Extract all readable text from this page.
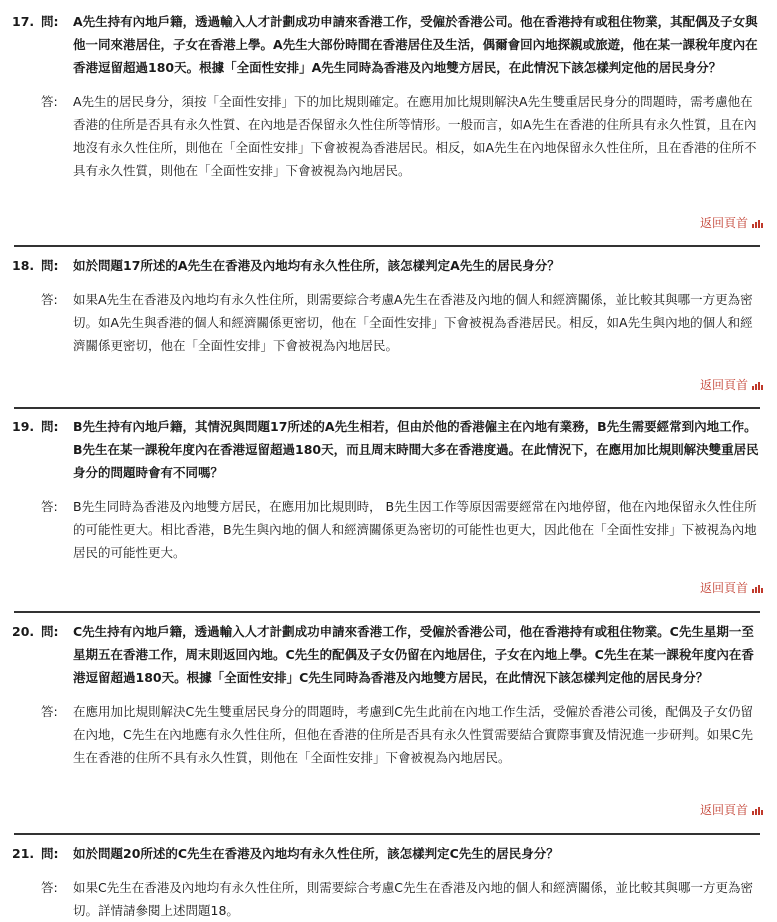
17. 問: A先生持有內地戶籍，透過輸入人才計劃成功申請來香港工作，受僱於香港公司。他在香港持有或租住物業，其配偶及子女與他一同來港居住，子女在香港上學。A先生大部份時間在香港居住及生活，偶爾會回內地探親或旅遊，他在某一課稅年度內在香港逗留超過180天。根據「全面性安排」A先生同時為香港及內地雙方居民，在此情況下該怎樣判定他的居民身分？
答: A先生的居民身分，須按「全面性安排」下的加比規則確定。在應用加比規則解決A先生雙重居民身分的問題時，需考慮他在香港的住所是否具有永久性質、在內地是否保留永久性住所等情形。一般而言，如A先生在香港的住所具有永久性質，且在內地沒有永久性住所，則他在「全面性安排」下會被視為香港居民。相反，如A先生在內地保留永久性住所，且在香港的住所不具有永久性質，則他在「全面性安排」下會被視為內地居民。
返回頁首
18. 問: 如於問題17所述的A先生在香港及內地均有永久性住所，該怎樣判定A先生的居民身分？
答: 如果A先生在香港及內地均有永久性住所，則需要綜合考慮A先生在香港及內地的個人和經濟關係，並比較其與哪一方更為密切。如A先生與香港的個人和經濟關係更密切，他在「全面性安排」下會被視為香港居民。相反，如A先生與內地的個人和經濟關係更密切，他在「全面性安排」下會被視為內地居民。
返回頁首
19. 問: B先生持有內地戶籍，其情況與問題17所述的A先生相若，但由於他的香港僱主在內地有業務，B先生需要經常到內地工作。B先生在某一課稅年度內在香港逗留超過180天，而且周末時間大多在香港度過。在此情況下，在應用加比規則解決雙重居民身分的問題時會有不同嗎？
答: B先生同時為香港及內地雙方居民，在應用加比規則時， B先生因工作等原因需要經常在內地停留，他在內地保留永久性住所的可能性更大。相比香港，B先生與內地的個人和經濟關係更為密切的可能性也更大，因此他在「全面性安排」下被視為內地居民的可能性更大。
返回頁首
20. 問: C先生持有內地戶籍，透過輸入人才計劃成功申請來香港工作，受僱於香港公司，他在香港持有或租住物業。C先生星期一至星期五在香港工作，周末則返回內地。C先生的配偶及子女仍留在內地居住，子女在內地上學。C先生在某一課稅年度內在香港逗留超過180天。根據「全面性安排」C先生同時為香港及內地雙方居民，在此情況下該怎樣判定他的居民身分？
答: 在應用加比規則解決C先生雙重居民身分的問題時，考慮到C先生此前在內地工作生活，受僱於香港公司後，配偶及子女仍留在內地，C先生在內地應有永久性住所，但他在香港的住所是否具有永久性質需要結合實際事實及情況進一步研判。如果C先生在香港的住所不具有永久性質，則他在「全面性安排」下會被視為內地居民。
返回頁首
21. 問: 如於問題20所述的C先生在香港及內地均有永久性住所，該怎樣判定C先生的居民身分？
答: 如果C先生在香港及內地均有永久性住所，則需要綜合考慮C先生在香港及內地的個人和經濟關係，並比較其與哪一方更為密切。詳情請參閱上述問題18。
